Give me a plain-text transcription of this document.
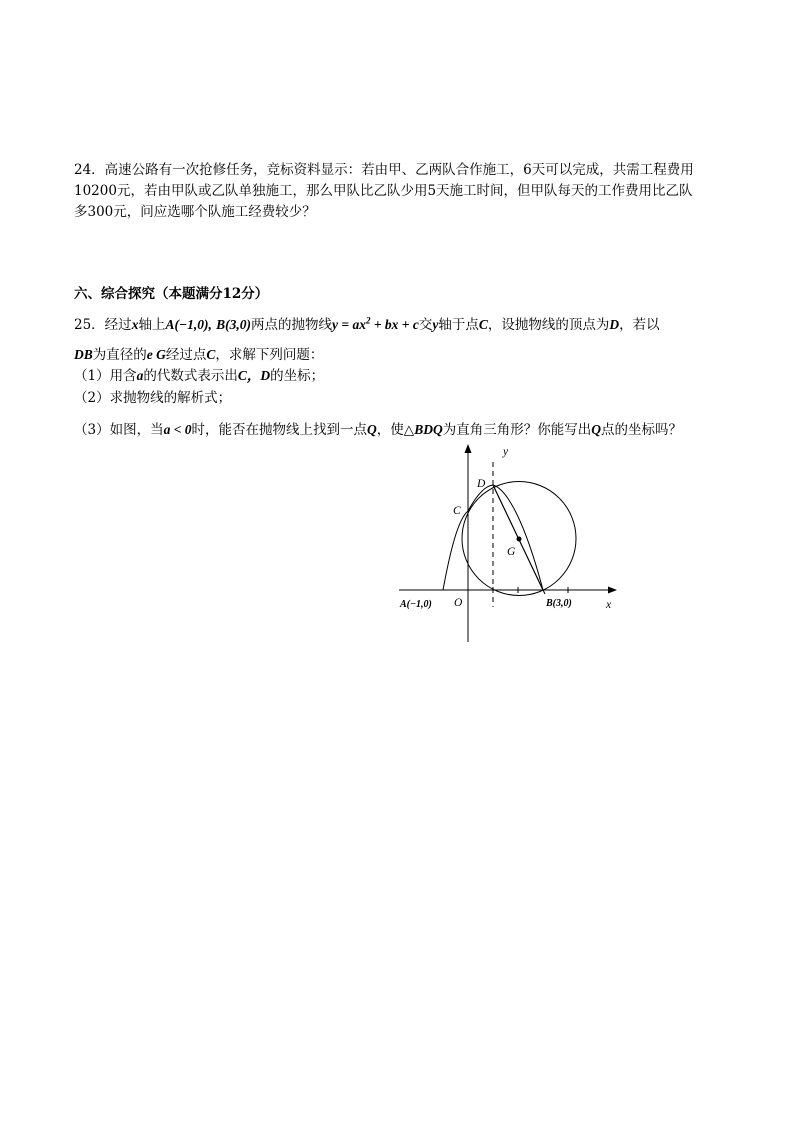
24．高速公路有一次抢修任务，竞标资料显示：若由甲、乙两队合作施工，6天可以完成，共需工程费用
10200元，若由甲队或乙队单独施工，那么甲队比乙队少用5天施工时间，但甲队每天的工作费用比乙队
多300元，问应选哪个队施工经费较少？
六、综合探究（本题满分12分）
25．经过x轴上A(−1,0), B(3,0)两点的抛物线$y = ax^2$ + bx + c交y轴于点C，设抛物线的顶点为D，若以
DB为直径的e G经过点C，求解下列问题：
（1）用含a的代数式表示出C，D的坐标；
（2）求抛物线的解析式；
（3）如图，当a < 0时，能否在抛物线上找到一点Q，使△BDQ为直角三角形？你能写出Q点的坐标吗？
y
x
D
C
G
O
A(−1,0)	B(3,0)
